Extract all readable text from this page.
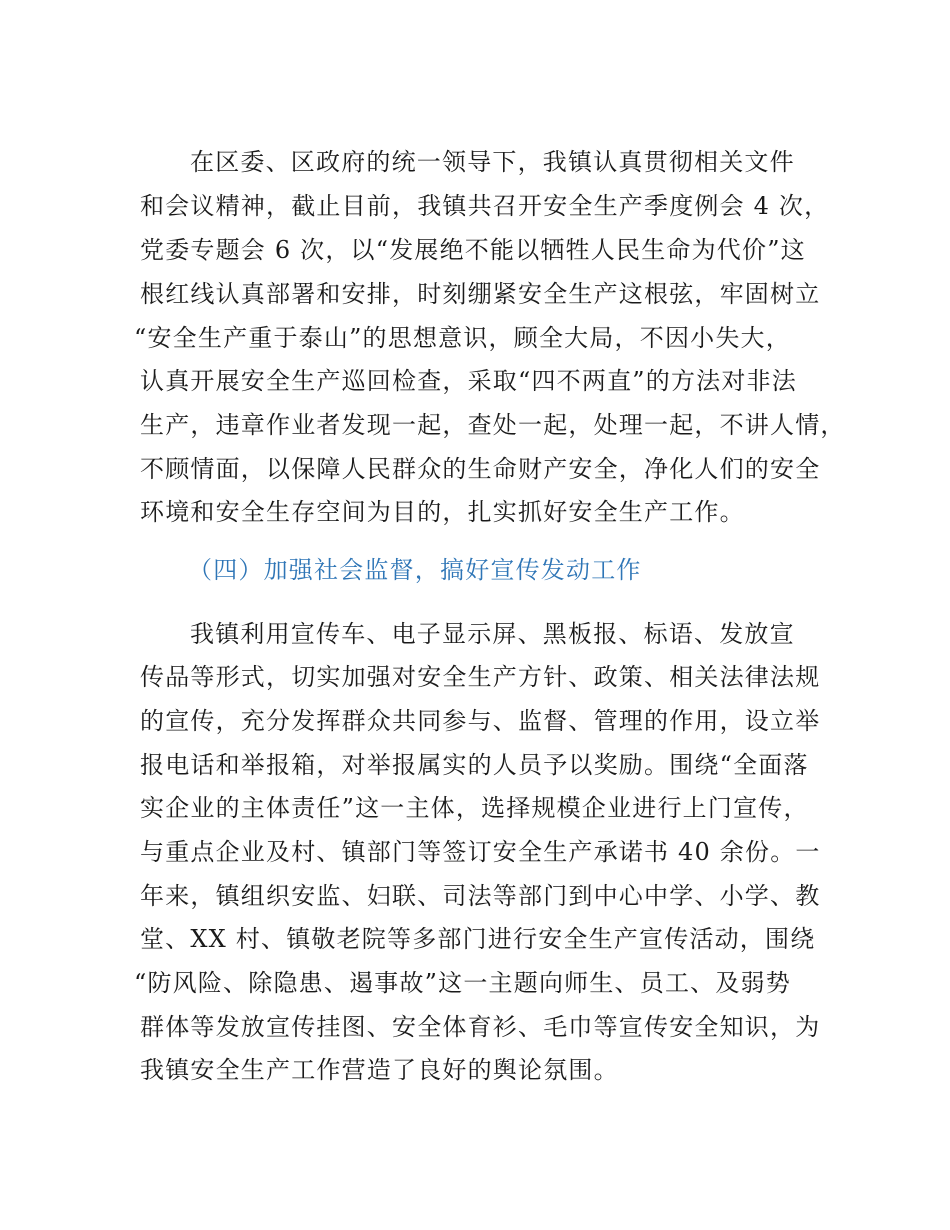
在区委、区政府的统一领导下，我镇认真贯彻相关文件
和会议精神，截止目前，我镇共召开安全生产季度例会 4 次，
党委专题会 6 次，以“发展绝不能以牺牲人民生命为代价”这
根红线认真部署和安排，时刻绷紧安全生产这根弦，牢固树立
“安全生产重于泰山”的思想意识，顾全大局，不因小失大，
认真开展安全生产巡回检查，采取“四不两直”的方法对非法
生产，违章作业者发现一起，查处一起，处理一起，不讲人情，
不顾情面，以保障人民群众的生命财产安全，净化人们的安全
环境和安全生存空间为目的，扎实抓好安全生产工作。
（四）加强社会监督，搞好宣传发动工作
我镇利用宣传车、电子显示屏、黑板报、标语、发放宣
传品等形式，切实加强对安全生产方针、政策、相关法律法规
的宣传，充分发挥群众共同参与、监督、管理的作用，设立举
报电话和举报箱，对举报属实的人员予以奖励。围绕“全面落
实企业的主体责任”这一主体，选择规模企业进行上门宣传，
与重点企业及村、镇部门等签订安全生产承诺书 40 余份。一
年来，镇组织安监、妇联、司法等部门到中心中学、小学、教
堂、XX 村、镇敬老院等多部门进行安全生产宣传活动，围绕
“防风险、除隐患、遏事故”这一主题向师生、员工、及弱势
群体等发放宣传挂图、安全体育衫、毛巾等宣传安全知识，为
我镇安全生产工作营造了良好的舆论氛围。
